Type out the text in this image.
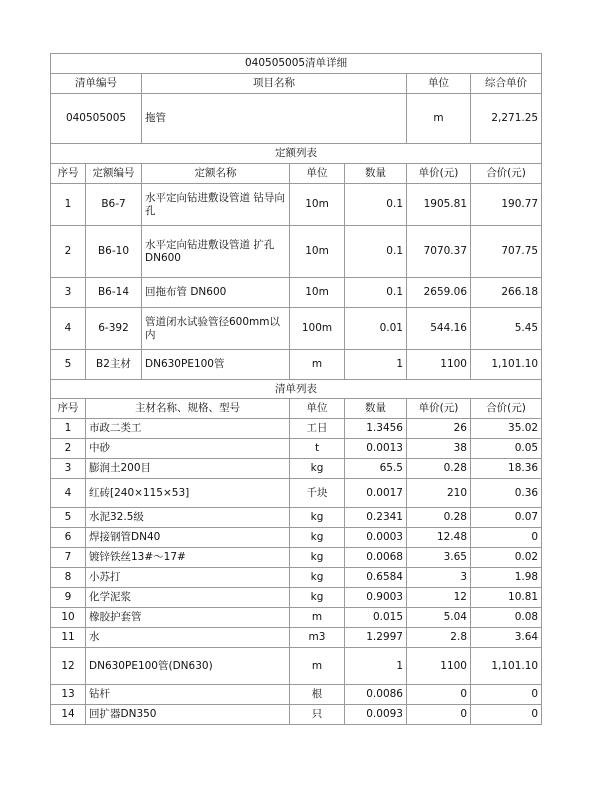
040505005清单详细						
清单编号		项目名称			单位	综合单价
040505005		拖管			m	2,271.25
定额列表						
序号	定额编号	定额名称	单位	数量	单价(元)	合价(元)
1	B6-7	水平定向钻进敷设管道 钻导向孔	10m	0.1	1905.81	190.77
2	B6-10	水平定向钻进敷设管道 扩孔DN600	10m	0.1	7070.37	707.75
3	B6-14	回拖布管 DN600	10m	0.1	2659.06	266.18
4	6-392	管道闭水试验管径600mm以内	100m	0.01	544.16	5.45
5	B2主材	DN630PE100管	m	1	1100	1,101.10
清单列表						
序号	主材名称、规格、型号		单位	数量	单价(元)	合价(元)
1	市政二类工		工日	1.3456	26	35.02
2	中砂		t	0.0013	38	0.05
3	膨润土200目		kg	65.5	0.28	18.36
4	红砖[240×115×53]		千块	0.0017	210	0.36
5	水泥32.5级		kg	0.2341	0.28	0.07
6	焊接钢管DN40		kg	0.0003	12.48	0
7	镀锌铁丝13#～17#		kg	0.0068	3.65	0.02
8	小苏打		kg	0.6584	3	1.98
9	化学泥浆		kg	0.9003	12	10.81
10	橡胶护套管		m	0.015	5.04	0.08
11	水		m3	1.2997	2.8	3.64
12	DN630PE100管(DN630)		m	1	1100	1,101.10
13	钻杆		根	0.0086	0	0
14	回扩器DN350		只	0.0093	0	0
